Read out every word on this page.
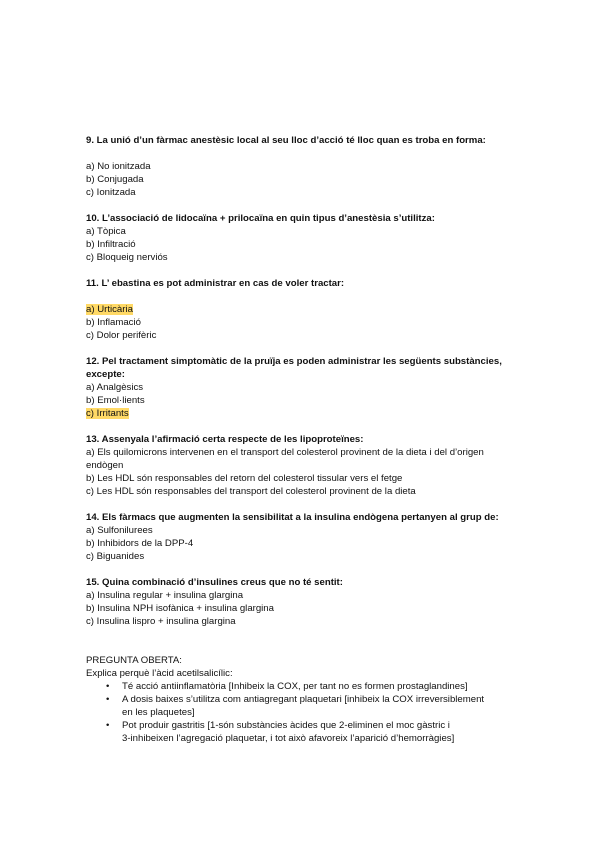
9. La unió d’un fàrmac anestèsic local al seu lloc d’acció té lloc quan es troba en forma:

a) No ionitzada

b) Conjugada

c) Ionitzada

10. L’associació de lidocaïna + prilocaïna en quin tipus d’anestèsia s’utilitza:

a) Tòpica

b) Infiltració

c) Bloqueig nerviós

11. L’ ebastina es pot administrar en cas de voler tractar:

a) Urticària

b) Inflamació

c) Dolor perifèric

12. Pel tractament simptomàtic de la pruïja es poden administrar les següents substàncies, excepte:

a) Analgèsics

b) Emol·lients

c) Irritants

13. Assenyala l’afirmació certa respecte de les lipoproteïnes:

a) Els quilomicrons intervenen en el transport del colesterol provinent de la dieta i del d’origen endògen

b) Les HDL són responsables del retorn del colesterol tissular vers el fetge

c) Les HDL són responsables del transport del colesterol provinent de la dieta

14. Els fàrmacs que augmenten la sensibilitat a la insulina endògena pertanyen al grup de:

a) Sulfonilurees

b) Inhibidors de la DPP-4

c) Biguanides

15. Quina combinació d’insulines creus que no té sentit:

a) Insulina regular + insulina glargina

b) Insulina NPH isofànica + insulina glargina

c) Insulina lispro + insulina glargina

PREGUNTA OBERTA:

Explica perquè l’àcid acetilsalicílic:

• Té acció antiinflamatòria [Inhibeix la COX, per tant no es formen prostaglandines]
• A dosis baixes s’utilitza com antiagregant plaquetari [inhibeix la COX irreversiblement
en les plaquetes]
• Pot produir gastritis [1-són substàncies àcides que 2-eliminen el moc gàstric i
3-inhibeixen l’agregació plaquetar, i tot això afavoreix l’aparició d’hemorràgies]
